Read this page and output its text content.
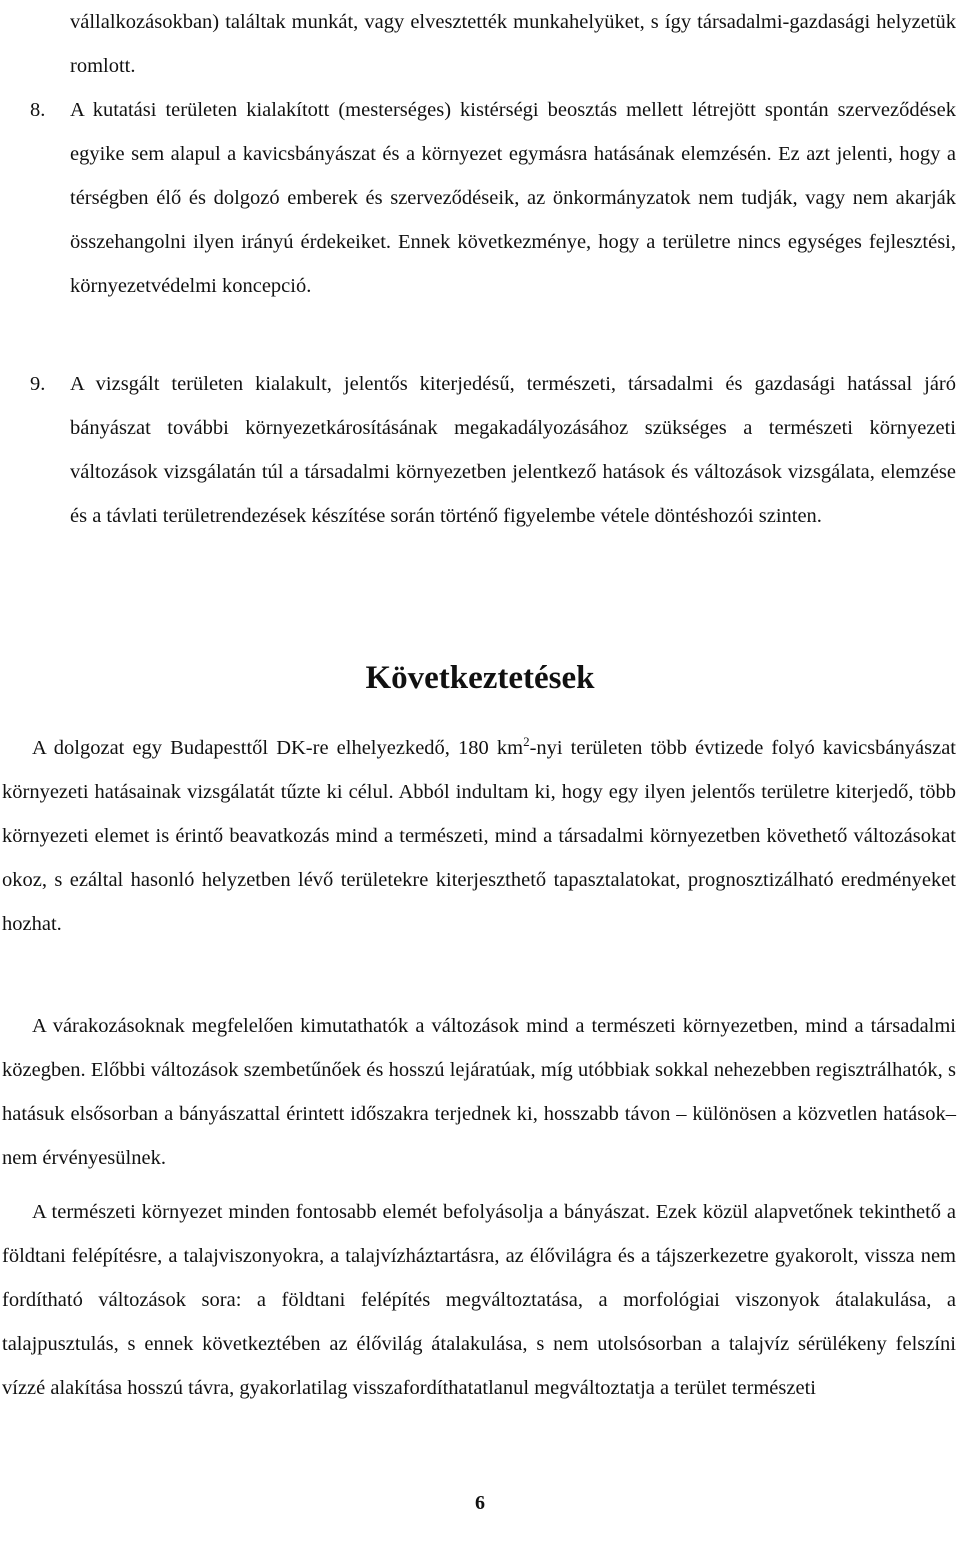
vállalkozásokban) találtak munkát, vagy elvesztették munkahelyüket, s így társadalmi-gazdasági helyzetük romlott.

8.	A kutatási területen kialakított (mesterséges) kistérségi beosztás mellett létrejött spontán szerveződések egyike sem alapul a kavicsbányászat és a környezet egymásra hatásának elemzésén. Ez azt jelenti, hogy a térségben élő és dolgozó emberek és szerveződéseik, az önkormányzatok nem tudják, vagy nem akarják összehangolni ilyen irányú érdekeiket. Ennek következménye, hogy a területre nincs egységes fejlesztési, környezetvédelmi koncepció.
9.	A vizsgált területen kialakult, jelentős kiterjedésű, természeti, társadalmi és gazdasági hatással járó bányászat további környezetkárosításának megakadályozásához szükséges a természeti környezeti változások vizsgálatán túl a társadalmi környezetben jelentkező hatások és változások vizsgálata, elemzése és a távlati területrendezések készítése során történő figyelembe vétele döntéshozói szinten.
Következtetések

A dolgozat egy Budapesttől DK-re elhelyezkedő, 180 $km^2$-nyi területen több évtizede folyó kavicsbányászat környezeti hatásainak vizsgálatát tűzte ki célul. Abból indultam ki, hogy egy ilyen jelentős területre kiterjedő, több környezeti elemet is érintő beavatkozás mind a természeti, mind a társadalmi környezetben követhető változásokat okoz, s ezáltal hasonló helyzetben lévő területekre kiterjeszthető tapasztalatokat, prognosztizálható eredményeket hozhat.

A várakozásoknak megfelelően kimutathatók a változások mind a természeti környezetben, mind a társadalmi közegben. Előbbi változások szembetűnőek és hosszú lejáratúak, míg utóbbiak sokkal nehezebben regisztrálhatók, s hatásuk elsősorban a bányászattal érintett időszakra terjednek ki, hosszabb távon – különösen a közvetlen hatások– nem érvényesülnek.

A természeti környezet minden fontosabb elemét befolyásolja a bányászat. Ezek közül alapvetőnek tekinthető a földtani felépítésre, a talajviszonyokra, a talajvízháztartásra, az élővilágra és a tájszerkezetre gyakorolt, vissza nem fordítható változások sora: a földtani felépítés megváltoztatása, a morfológiai viszonyok átalakulása, a talajpusztulás, s ennek következtében az élővilág átalakulása, s nem utolsósorban a talajvíz sérülékeny felszíni vízzé alakítása hosszú távra, gyakorlatilag visszafordíthatatlanul megváltoztatja a terület természeti

6
